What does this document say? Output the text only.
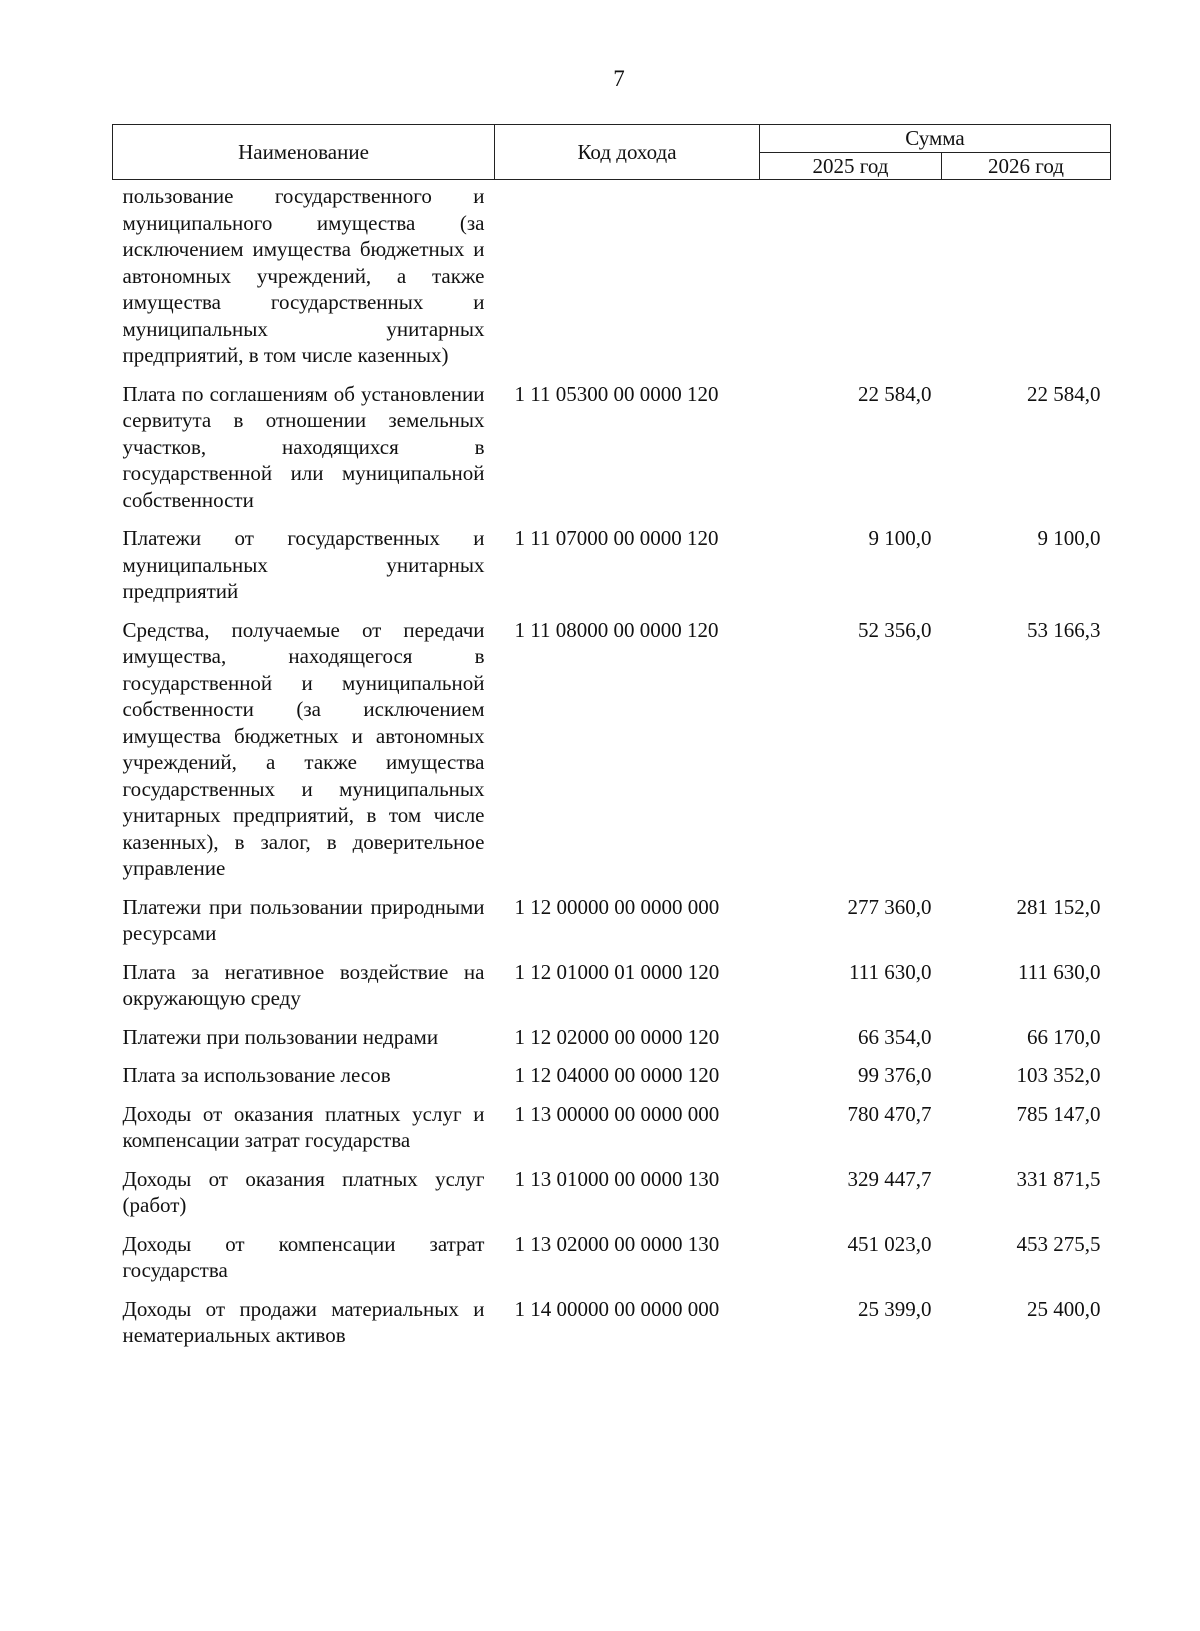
7
Наименование	Код дохода	Сумма	
		2025 год	2026 год
пользование государственного и муниципального имущества (за исключением имущества бюджетных и автономных учреждений, а также имущества государственных и муниципальных унитарных предприятий, в том числе казенных)			
Плата по соглашениям об установлении сервитута в отношении земельных участков, находящихся в государственной или муниципальной собственности	1 11 05300 00 0000 120	22 584,0	22 584,0
Платежи от государственных и муниципальных унитарных предприятий	1 11 07000 00 0000 120	9 100,0	9 100,0
Средства, получаемые от передачи имущества, находящегося в государственной и муниципальной собственности (за исключением имущества бюджетных и автономных учреждений, а также имущества государственных и муниципальных унитарных предприятий, в том числе казенных), в залог, в доверительное управление	1 11 08000 00 0000 120	52 356,0	53 166,3
Платежи при пользовании природными ресурсами	1 12 00000 00 0000 000	277 360,0	281 152,0
Плата за негативное воздействие на окружающую среду	1 12 01000 01 0000 120	111 630,0	111 630,0
Платежи при пользовании недрами	1 12 02000 00 0000 120	66 354,0	66 170,0
Плата за использование лесов	1 12 04000 00 0000 120	99 376,0	103 352,0
Доходы от оказания платных услуг и компенсации затрат государства	1 13 00000 00 0000 000	780 470,7	785 147,0
Доходы от оказания платных услуг (работ)	1 13 01000 00 0000 130	329 447,7	331 871,5
Доходы от компенсации затрат государства	1 13 02000 00 0000 130	451 023,0	453 275,5
Доходы от продажи материальных и нематериальных активов	1 14 00000 00 0000 000	25 399,0	25 400,0
